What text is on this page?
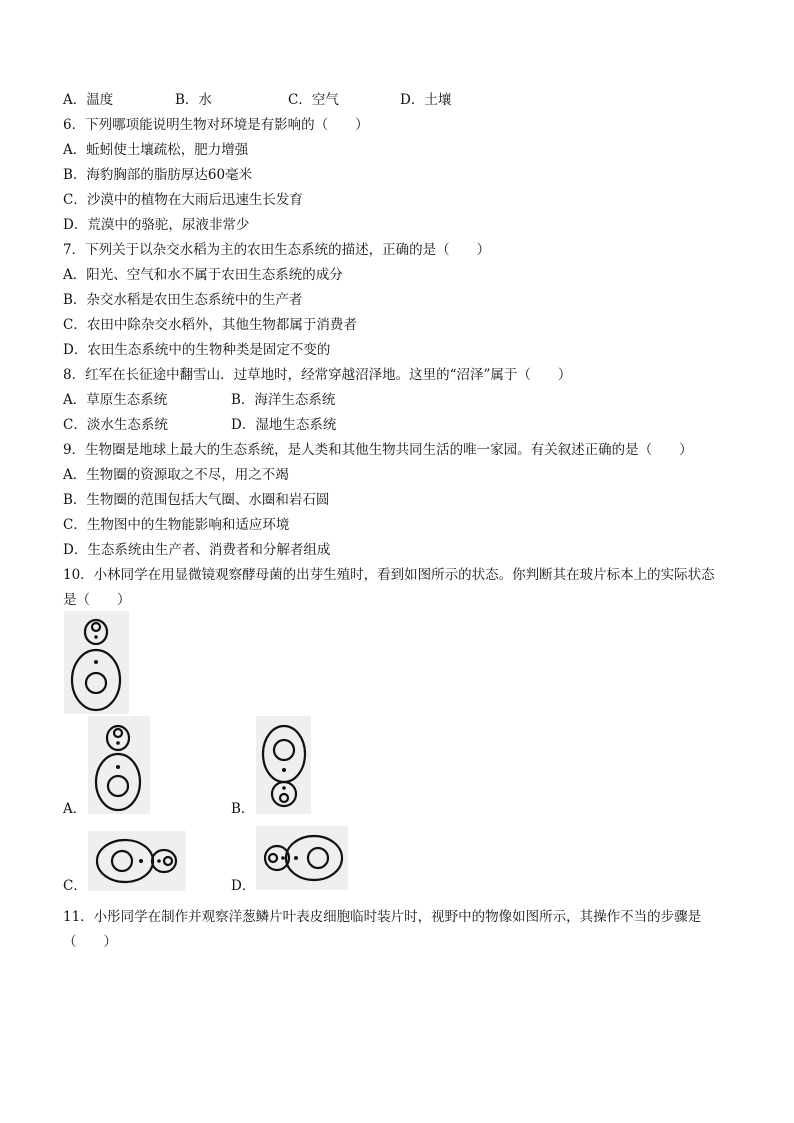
A．温度	B．水	C．空气	D．土壤
6．下列哪项能说明生物对环境是有影响的（　　）
A．蚯蚓使土壤疏松，肥力增强
B．海豹胸部的脂肪厚达60毫米
C．沙漠中的植物在大雨后迅速生长发育
D．荒漠中的骆驼，尿液非常少
7．下列关于以杂交水稻为主的农田生态系统的描述，正确的是（　　）
A．阳光、空气和水不属于农田生态系统的成分
B．杂交水稻是农田生态系统中的生产者
C．农田中除杂交水稻外，其他生物都属于消费者
D．农田生态系统中的生物种类是固定不变的
8．红军在长征途中翻雪山．过草地时，经常穿越沼泽地。这里的“沼泽”属于（　　）
A．草原生态系统	B．海洋生态系统
C．淡水生态系统	D．湿地生态系统
9．生物圈是地球上最大的生态系统，是人类和其他生物共同生活的唯一家园。有关叙述正确的是（　　）
A．生物圈的资源取之不尽，用之不竭
B．生物圈的范围包括大气圈、水圈和岩石圆
C．生物图中的生物能影响和适应环境
D．生态系统由生产者、消费者和分解者组成
10．小林同学在用显微镜观察酵母菌的出芽生殖时，看到如图所示的状态。你判断其在玻片标本上的实际状态
是（　　）
A．	B．
C．	D．
11．小彤同学在制作并观察洋葱鳞片叶表皮细胞临时装片时，视野中的物像如图所示，其操作不当的步骤是
（　　）
